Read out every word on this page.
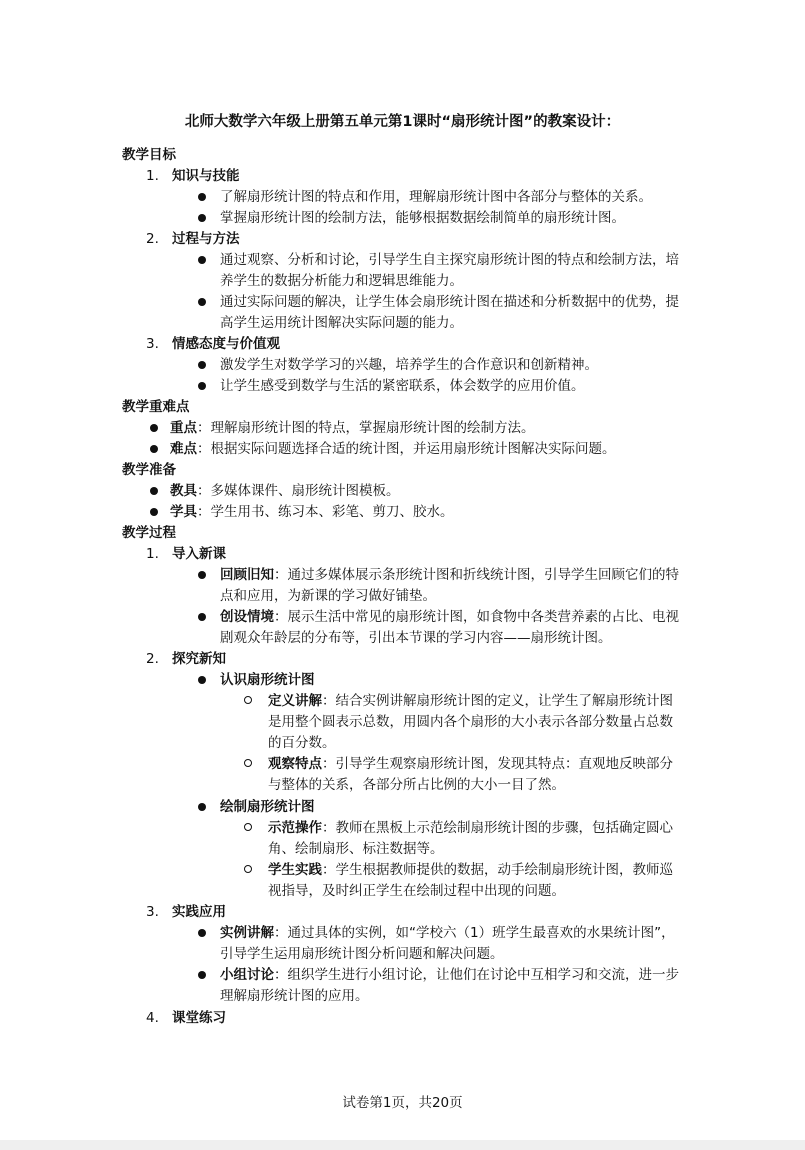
北师大数学六年级上册第五单元第1课时“扇形统计图”的教案设计：
教学目标
1. 知识与技能
了解扇形统计图的特点和作用，理解扇形统计图中各部分与整体的关系。
掌握扇形统计图的绘制方法，能够根据数据绘制简单的扇形统计图。
2. 过程与方法
通过观察、分析和讨论，引导学生自主探究扇形统计图的特点和绘制方法，培养学生的数据分析能力和逻辑思维能力。
通过实际问题的解决，让学生体会扇形统计图在描述和分析数据中的优势，提高学生运用统计图解决实际问题的能力。
3. 情感态度与价值观
激发学生对数学学习的兴趣，培养学生的合作意识和创新精神。
让学生感受到数学与生活的紧密联系，体会数学的应用价值。
教学重难点
重点：理解扇形统计图的特点，掌握扇形统计图的绘制方法。
难点：根据实际问题选择合适的统计图，并运用扇形统计图解决实际问题。
教学准备
教具：多媒体课件、扇形统计图模板。
学具：学生用书、练习本、彩笔、剪刀、胶水。
教学过程
1. 导入新课
回顾旧知：通过多媒体展示条形统计图和折线统计图，引导学生回顾它们的特点和应用，为新课的学习做好铺垫。
创设情境：展示生活中常见的扇形统计图，如食物中各类营养素的占比、电视剧观众年龄层的分布等，引出本节课的学习内容——扇形统计图。
2. 探究新知
认识扇形统计图
定义讲解：结合实例讲解扇形统计图的定义，让学生了解扇形统计图是用整个圆表示总数，用圆内各个扇形的大小表示各部分数量占总数的百分数。
观察特点：引导学生观察扇形统计图，发现其特点：直观地反映部分与整体的关系，各部分所占比例的大小一目了然。
绘制扇形统计图
示范操作：教师在黑板上示范绘制扇形统计图的步骤，包括确定圆心角、绘制扇形、标注数据等。
学生实践：学生根据教师提供的数据，动手绘制扇形统计图，教师巡视指导，及时纠正学生在绘制过程中出现的问题。
3. 实践应用
实例讲解：通过具体的实例，如“学校六（1）班学生最喜欢的水果统计图”，引导学生运用扇形统计图分析问题和解决问题。
小组讨论：组织学生进行小组讨论，让他们在讨论中互相学习和交流，进一步理解扇形统计图的应用。
4. 课堂练习
试卷第1页，共20页
